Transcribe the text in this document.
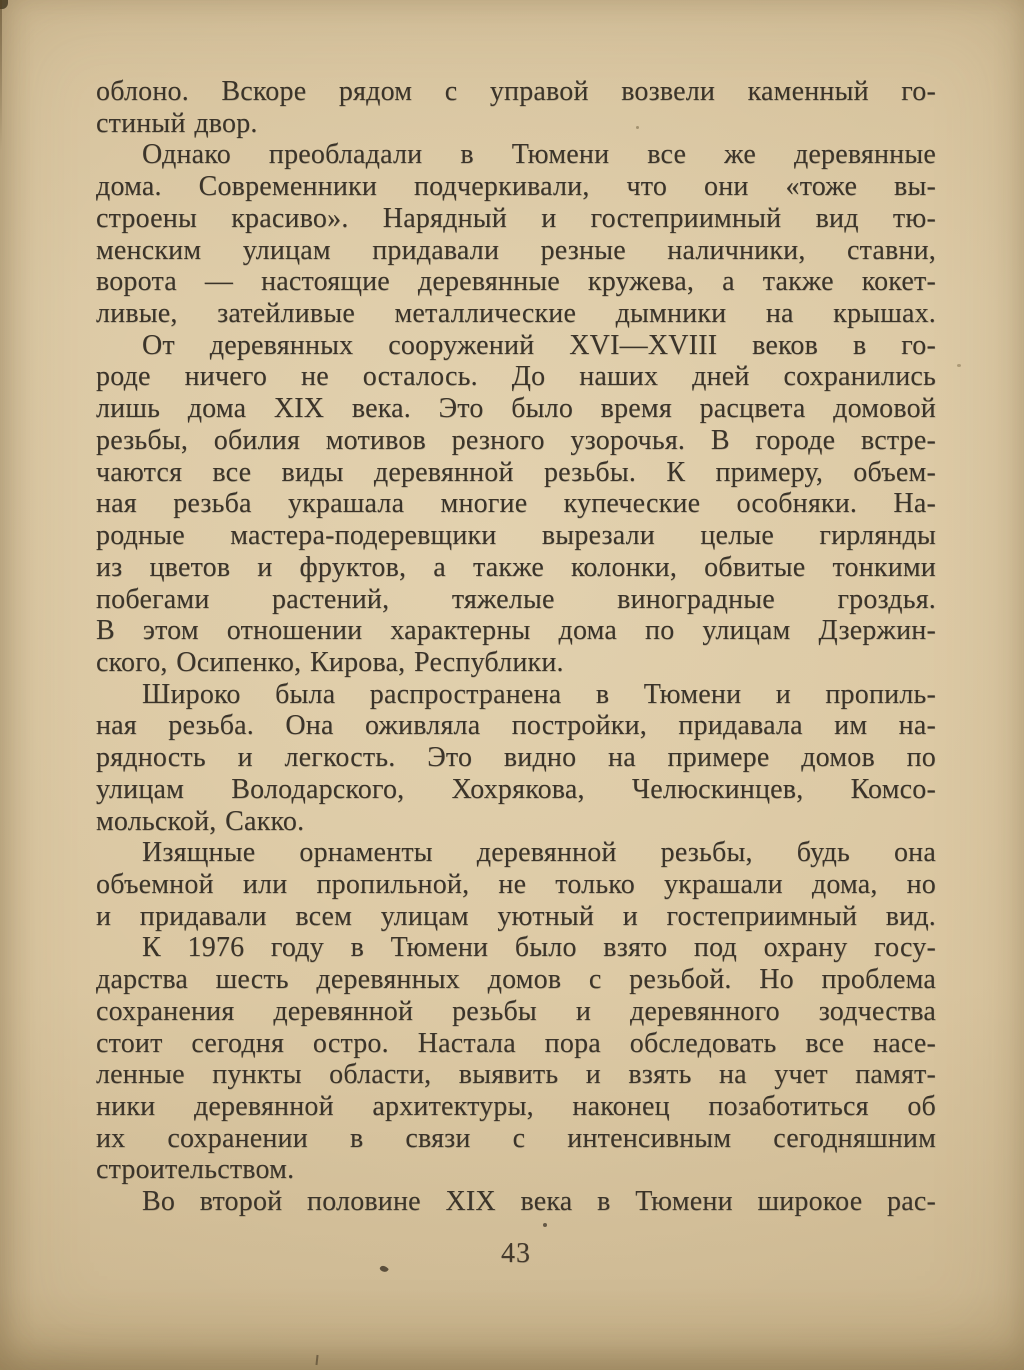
облоно. Вскоре рядом с управой возвели каменный го-
стиный двор.
Однако преобладали в Тюмени все же деревянные
дома. Современники подчеркивали, что они «тоже вы-
строены красиво». Нарядный и гостеприимный вид тю-
менским улицам придавали резные наличники, ставни,
ворота — настоящие деревянные кружева, а также кокет-
ливые, затейливые металлические дымники на крышах.
От деревянных сооружений XVI—XVIII веков в го-
роде ничего не осталось. До наших дней сохранились
лишь дома XIX века. Это было время расцвета домовой
резьбы, обилия мотивов резного узорочья. В городе встре-
чаются все виды деревянной резьбы. К примеру, объем-
ная резьба украшала многие купеческие особняки. На-
родные мастера-подеревщики вырезали целые гирлянды
из цветов и фруктов, а также колонки, обвитые тонкими
побегами растений, тяжелые виноградные гроздья.
В этом отношении характерны дома по улицам Дзержин-
ского, Осипенко, Кирова, Республики.
Широко была распространена в Тюмени и пропиль-
ная резьба. Она оживляла постройки, придавала им на-
рядность и легкость. Это видно на примере домов по
улицам Володарского, Хохрякова, Челюскинцев, Комсо-
мольской, Сакко.
Изящные орнаменты деревянной резьбы, будь она
объемной или пропильной, не только украшали дома, но
и придавали всем улицам уютный и гостеприимный вид.
К 1976 году в Тюмени было взято под охрану госу-
дарства шесть деревянных домов с резьбой. Но проблема
сохранения деревянной резьбы и деревянного зодчества
стоит сегодня остро. Настала пора обследовать все насе-
ленные пункты области, выявить и взять на учет памят-
ники деревянной архитектуры, наконец позаботиться об
их сохранении в связи с интенсивным сегодняшним
строительством.
Во второй половине XIX века в Тюмени широкое рас-
43
